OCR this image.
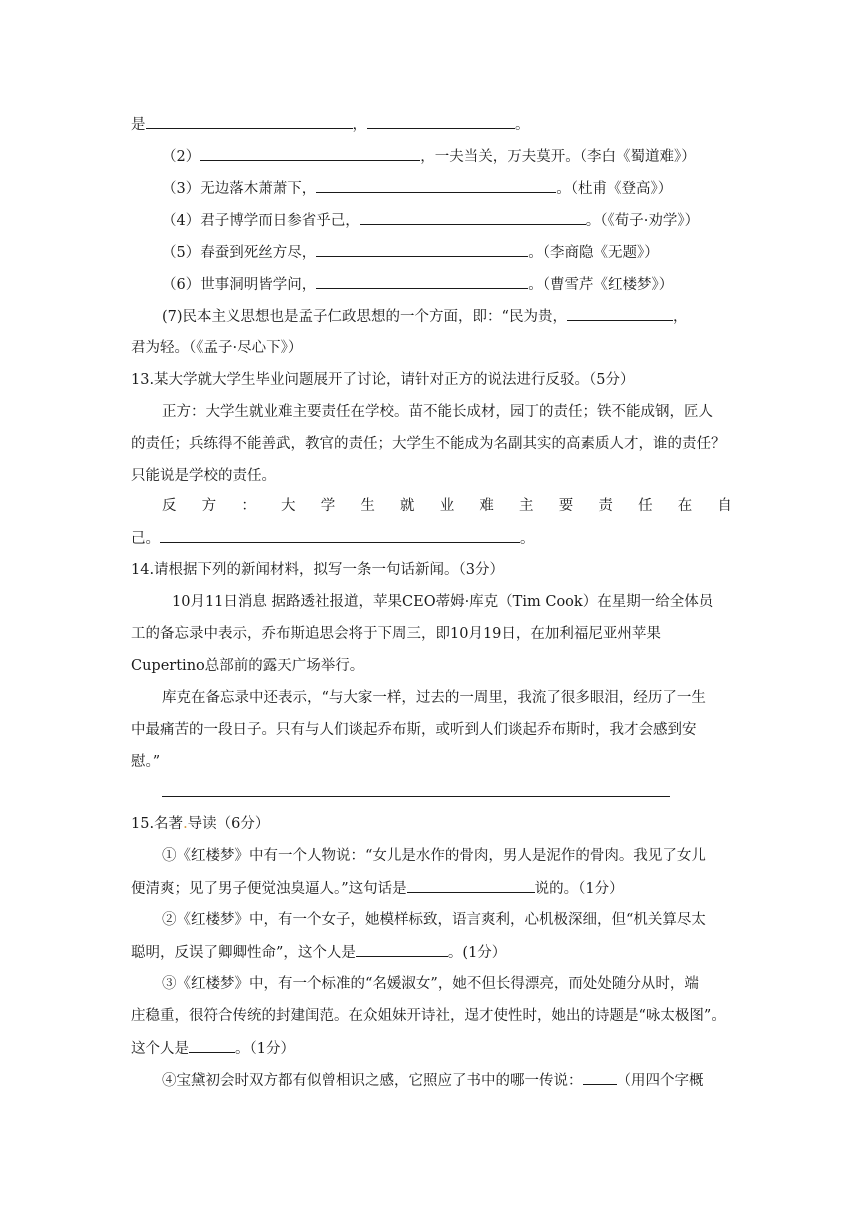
是	，	。
（2）	，一夫当关，万夫莫开。（李白《蜀道难》）
（3）无边落木萧萧下，	。（杜甫《登高》）
（4）君子博学而日参省乎己，	。（《荀子·劝学》）
（5）春蚕到死丝方尽，	。（李商隐《无题》）
（6）世事洞明皆学问，	。（曹雪芹《红楼梦》）
(7)民本主义思想也是孟子仁政思想的一个方面，即：“民为贵，	，
君为轻。（《孟子·尽心下》）
13.某大学就大学生毕业问题展开了讨论，请针对正方的说法进行反驳。（5分）
正方：大学生就业难主要责任在学校。苗不能长成材，园丁的责任；铁不能成钢，匠人
的责任；兵练得不能善武，教官的责任；大学生不能成为名副其实的高素质人才，谁的责任？
只能说是学校的责任。
反 方 ： 大 学 生 就 业 难 主 要 责 任 在 自
己。	。
14.请根据下列的新闻材料，拟写一条一句话新闻。（3分）
10月11日消息 据路透社报道，苹果CEO蒂姆·库克（Tim Cook）在星期一给全体员
工的备忘录中表示，乔布斯追思会将于下周三，即10月19日，在加利福尼亚州苹果
Cupertino总部前的露天广场举行。
库克在备忘录中还表示，“与大家一样，过去的一周里，我流了很多眼泪，经历了一生
中最痛苦的一段日子。只有与人们谈起乔布斯，或听到人们谈起乔布斯时，我才会感到安
慰。”
15.名著.导读（6分）
①《红楼梦》中有一个人物说：“女儿是水作的骨肉，男人是泥作的骨肉。我见了女儿
便清爽；见了男子便觉浊臭逼人。”这句话是	说的。（1分）
②《红楼梦》中，有一个女子，她模样标致，语言爽利，心机极深细，但“机关算尽太
聪明，反误了卿卿性命”，这个人是	。(1分）
③《红楼梦》中，有一个标准的“名媛淑女”，她不但长得漂亮，而处处随分从时，端
庄稳重，很符合传统的封建闺范。在众姐妹开诗社，逞才使性时，她出的诗题是“咏太极图”。
这个人是	。（1分）
④宝黛初会时双方都有似曾相识之感，它照应了书中的哪一传说： （用四个字概
